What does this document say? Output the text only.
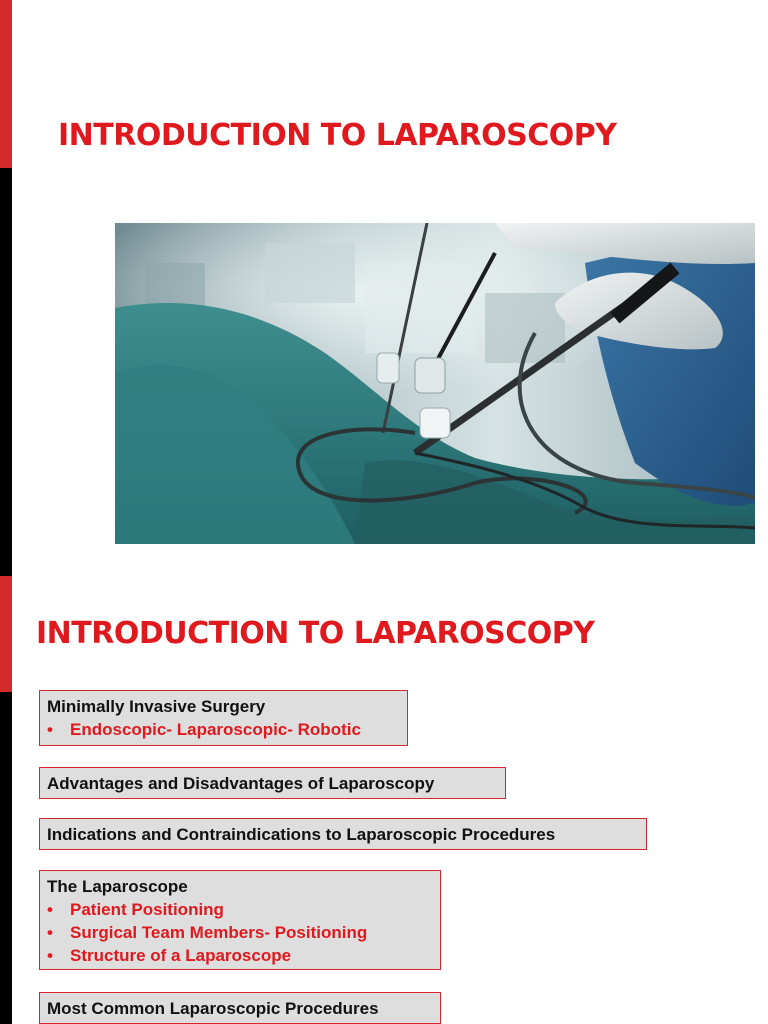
INTRODUCTION TO LAPAROSCOPY
INTRODUCTION TO LAPAROSCOPY
Minimally Invasive Surgery
• Endoscopic- Laparoscopic- Robotic
Advantages and Disadvantages of Laparoscopy
Indications and Contraindications to Laparoscopic Procedures
The Laparoscope
• Patient Positioning
• Surgical Team Members- Positioning
• Structure of a Laparoscope
Most Common Laparoscopic Procedures
